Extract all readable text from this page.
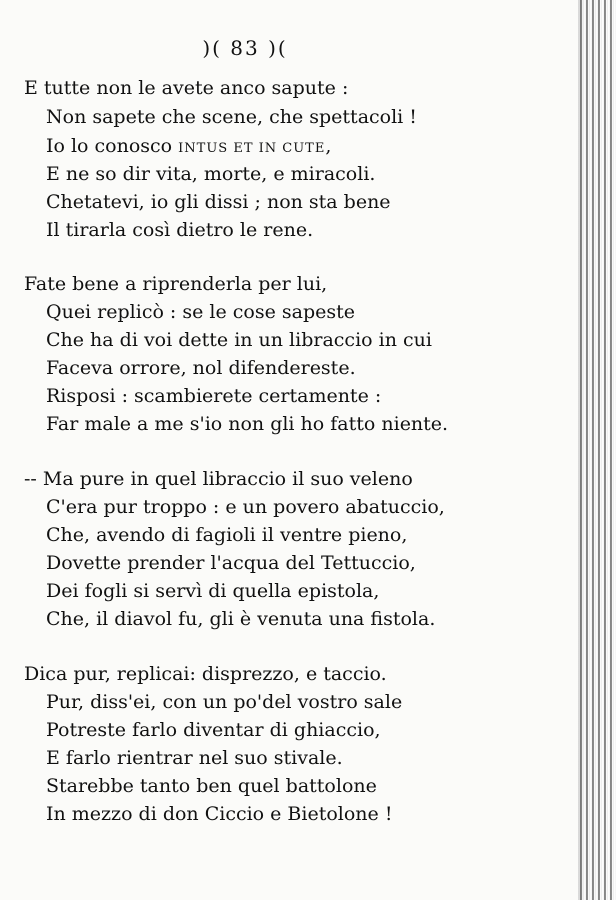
)( 83 )(
E tutte non le avete anco sapute :
Non sapete che scene, che spettacoli !
Io lo conosco INTUS ET IN CUTE,
E ne so dir vita, morte, e miracoli.
Chetatevi, io gli dissi ; non sta bene
Il tirarla così dietro le rene.
Fate bene a riprenderla per lui,
Quei replicò : se le cose sapeste
Che ha di voi dette in un libraccio in cui
Faceva orrore, nol difendereste.
Risposi : scambierete certamente :
Far male a me s'io non gli ho fatto niente.
-- Ma pure in quel libraccio il suo veleno
C'era pur troppo : e un povero abatuccio,
Che, avendo di fagioli il ventre pieno,
Dovette prender l'acqua del Tettuccio,
Dei fogli si servì di quella epistola,
Che, il diavol fu, gli è venuta una fistola.
Dica pur, replicai: disprezzo, e taccio.
Pur, diss'ei, con un po'del vostro sale
Potreste farlo diventar di ghiaccio,
E farlo rientrar nel suo stivale.
Starebbe tanto ben quel battolone
In mezzo di don Ciccio e Bietolone !
